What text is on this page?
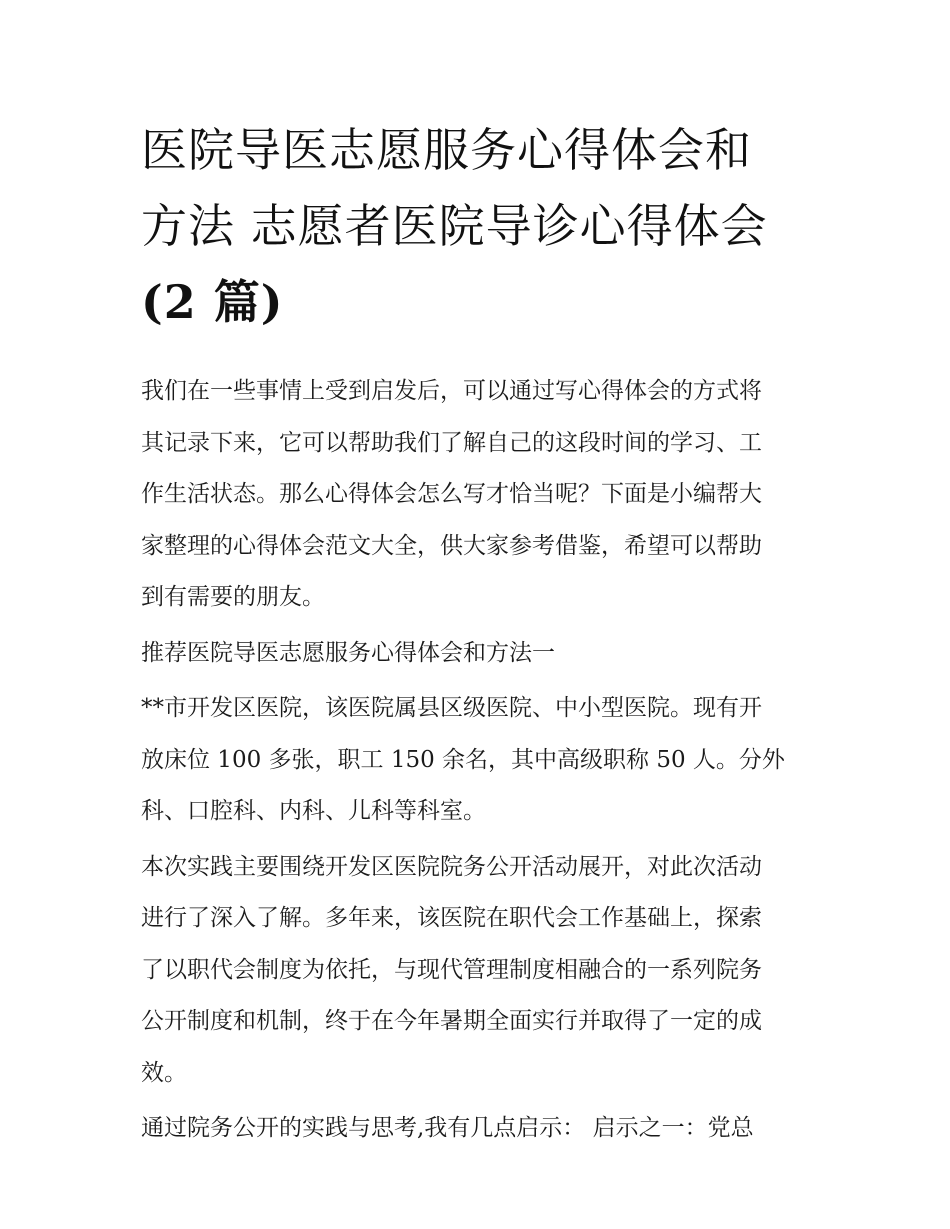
医院导医志愿服务心得体会和
方法 志愿者医院导诊心得体会
(2 篇)

我们在一些事情上受到启发后，可以通过写心得体会的方式将
其记录下来，它可以帮助我们了解自己的这段时间的学习、工
作生活状态。那么心得体会怎么写才恰当呢？下面是小编帮大
家整理的心得体会范文大全，供大家参考借鉴，希望可以帮助
到有需要的朋友。

推荐医院导医志愿服务心得体会和方法一

**市开发区医院，该医院属县区级医院、中小型医院。现有开
放床位 100 多张，职工 150 余名，其中高级职称 50 人。分外
科、口腔科、内科、儿科等科室。

本次实践主要围绕开发区医院院务公开活动展开，对此次活动
进行了深入了解。多年来，该医院在职代会工作基础上，探索
了以职代会制度为依托，与现代管理制度相融合的一系列院务
公开制度和机制，终于在今年暑期全面实行并取得了一定的成
效。

通过院务公开的实践与思考,我有几点启示： 启示之一：党总
